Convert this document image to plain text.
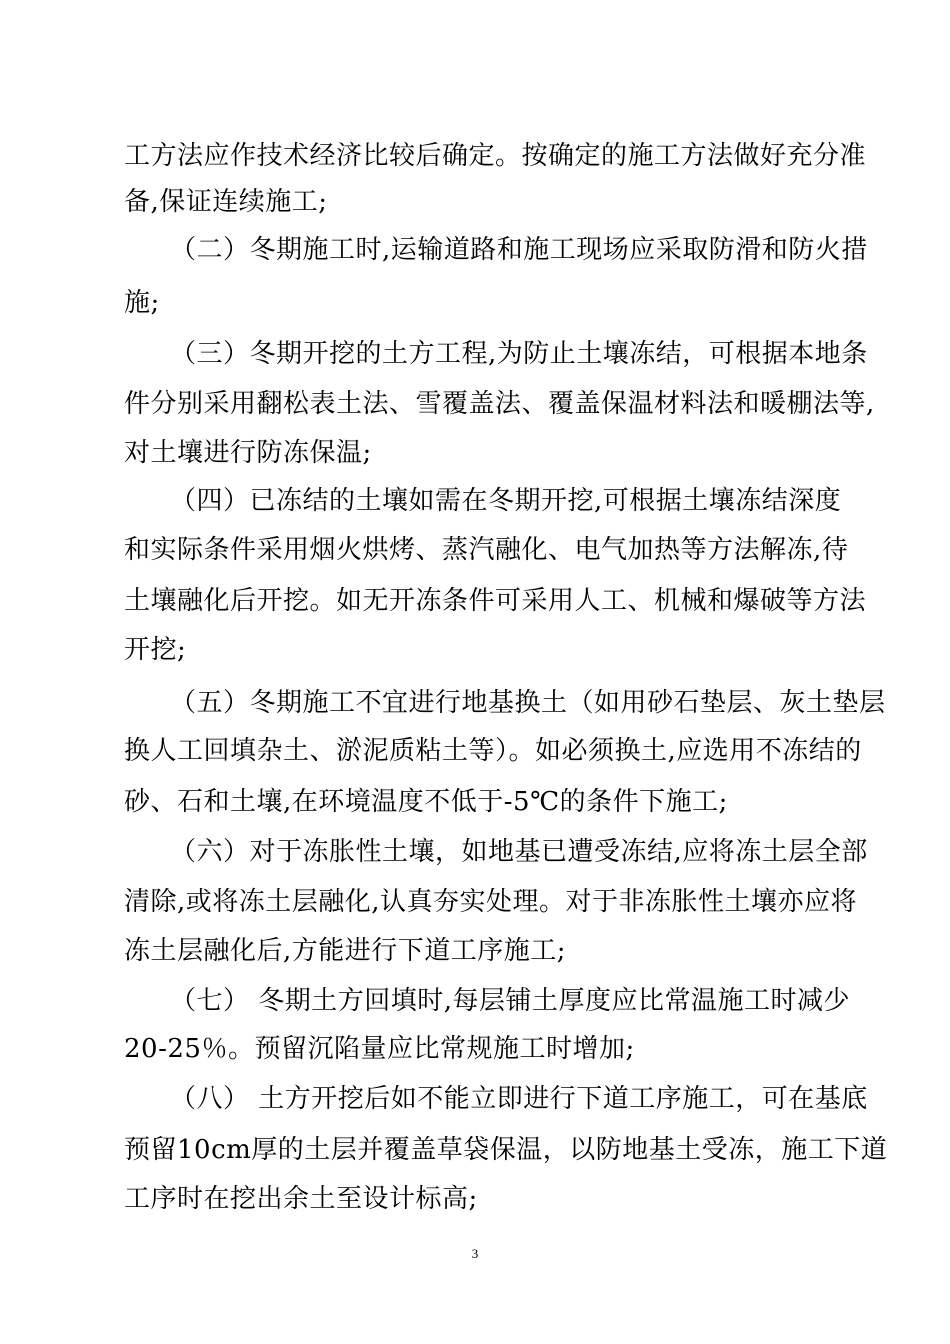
工方法应作技术经济比较后确定。按确定的施工方法做好充分准
备,保证连续施工;
（二）冬期施工时,运输道路和施工现场应采取防滑和防火措
施;
（三）冬期开挖的土方工程,为防止土壤冻结，可根据本地条
件分别采用翻松表土法、雪覆盖法、覆盖保温材料法和暖棚法等,
对土壤进行防冻保温;
（四）已冻结的土壤如需在冬期开挖,可根据土壤冻结深度
和实际条件采用烟火烘烤、蒸汽融化、电气加热等方法解冻,待
土壤融化后开挖。如无开冻条件可采用人工、机械和爆破等方法
开挖;
（五）冬期施工不宜进行地基换土（如用砂石垫层、灰土垫层
换人工回填杂土、淤泥质粘土等）。如必须换土,应选用不冻结的
砂、石和土壤,在环境温度不低于-5℃的条件下施工;
（六）对于冻胀性土壤，如地基已遭受冻结,应将冻土层全部
清除,或将冻土层融化,认真夯实处理。对于非冻胀性土壤亦应将
冻土层融化后,方能进行下道工序施工;
（七） 冬期土方回填时,每层铺土厚度应比常温施工时减少
20-25％。预留沉陷量应比常规施工时增加;
（八） 土方开挖后如不能立即进行下道工序施工，可在基底
预留10cm厚的土层并覆盖草袋保温，以防地基土受冻，施工下道
工序时在挖出余土至设计标高;
3
